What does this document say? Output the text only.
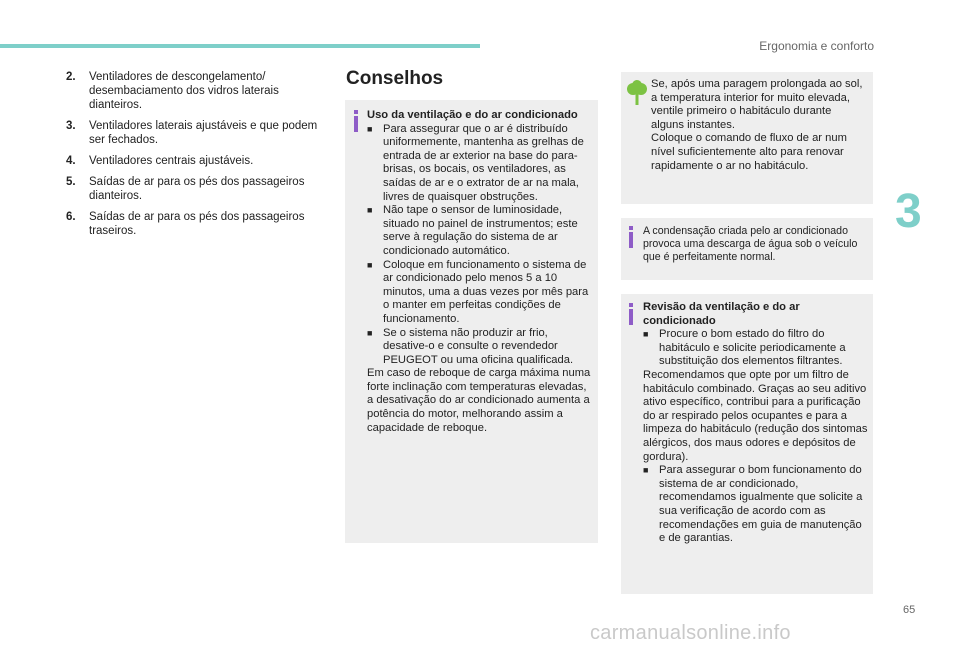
Ergonomia e conforto
2.	Ventiladores de descongelamento/ desembaciamento dos vidros laterais dianteiros.
3.	Ventiladores laterais ajustáveis e que podem ser fechados.
4.	Ventiladores centrais ajustáveis.
5.	Saídas de ar para os pés dos passageiros dianteiros.
6.	Saídas de ar para os pés dos passageiros traseiros.
Conselhos

Uso da ventilação e do ar condicionado

■ Para assegurar que o ar é distribuído uniformemente, mantenha as grelhas de entrada de ar exterior na base do para-brisas, os bocais, os ventiladores, as saídas de ar e o extrator de ar na mala, livres de quaisquer obstruções.
■ Não tape o sensor de luminosidade, situado no painel de instrumentos; este serve à regulação do sistema de ar condicionado automático.
■ Coloque em funcionamento o sistema de ar condicionado pelo menos 5 a 10 minutos, uma a duas vezes por mês para o manter em perfeitas condições de funcionamento.
■ Se o sistema não produzir ar frio, desative-o e consulte o revendedor PEUGEOT ou uma oficina qualificada.

Em caso de reboque de carga máxima numa forte inclinação com temperaturas elevadas, a desativação do ar condicionado aumenta a potência do motor, melhorando assim a capacidade de reboque.

Se, após uma paragem prolongada ao sol, a temperatura interior for muito elevada, ventile primeiro o habitáculo durante alguns instantes.

Coloque o comando de fluxo de ar num nível suficientemente alto para renovar rapidamente o ar no habitáculo.

A condensação criada pelo ar condicionado provoca uma descarga de água sob o veículo que é perfeitamente normal.

Revisão da ventilação e do ar condicionado

■ Procure o bom estado do filtro do habitáculo e solicite periodicamente a substituição dos elementos filtrantes.

Recomendamos que opte por um filtro de habitáculo combinado. Graças ao seu aditivo ativo específico, contribui para a purificação do ar respirado pelos ocupantes e para a limpeza do habitáculo (redução dos sintomas alérgicos, dos maus odores e depósitos de gordura).

■ Para assegurar o bom funcionamento do sistema de ar condicionado, recomendamos igualmente que solicite a sua verificação de acordo com as recomendações em guia de manutenção e de garantias.
3
65
carmanualsonline.info
